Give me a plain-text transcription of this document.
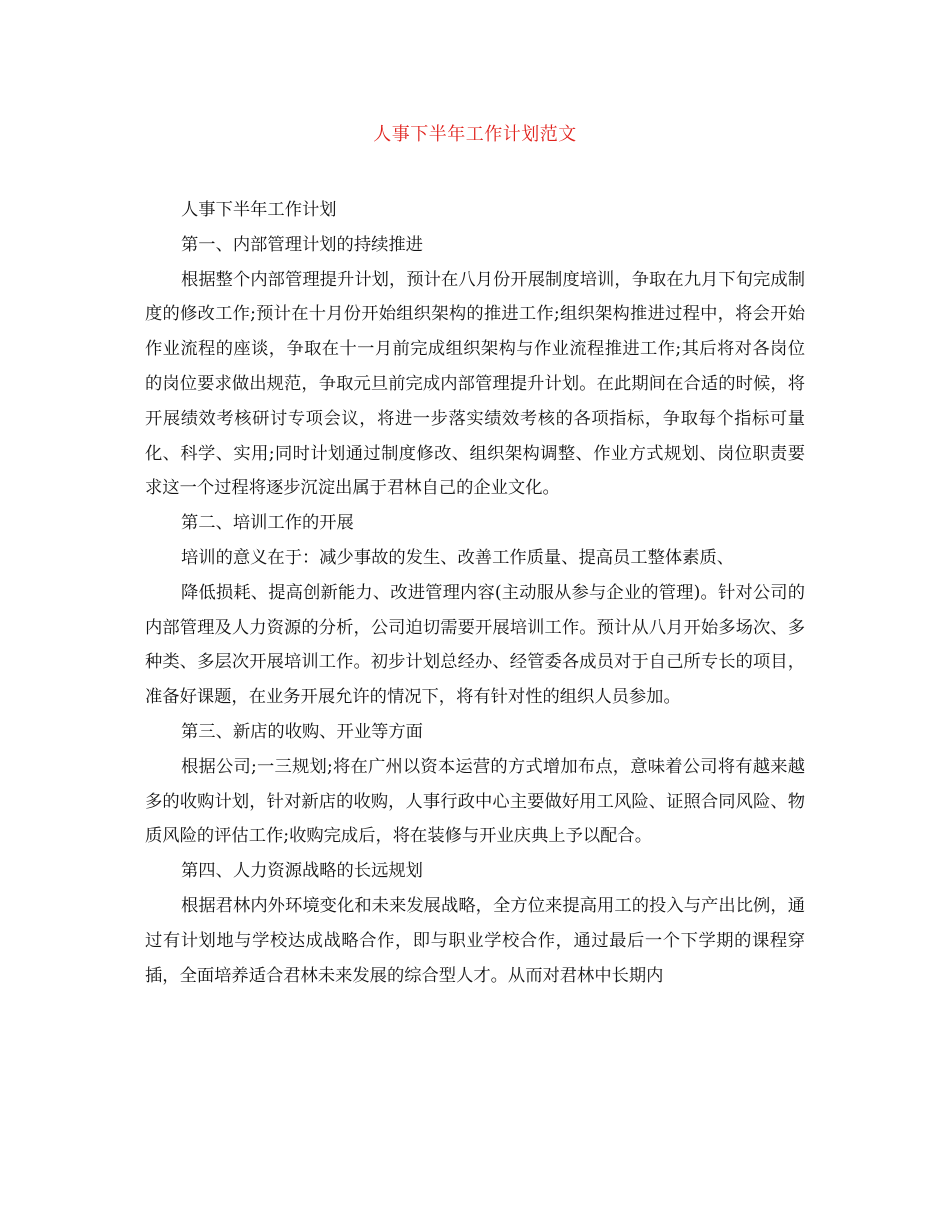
人事下半年工作计划范文

人事下半年工作计划

第一、内部管理计划的持续推进

根据整个内部管理提升计划，预计在八月份开展制度培训，争取在九月下旬完成制度的修改工作;预计在十月份开始组织架构的推进工作;组织架构推进过程中，将会开始作业流程的座谈，争取在十一月前完成组织架构与作业流程推进工作;其后将对各岗位的岗位要求做出规范，争取元旦前完成内部管理提升计划。在此期间在合适的时候，将开展绩效考核研讨专项会议，将进一步落实绩效考核的各项指标，争取每个指标可量化、科学、实用;同时计划通过制度修改、组织架构调整、作业方式规划、岗位职责要求这一个过程将逐步沉淀出属于君林自己的企业文化。

第二、培训工作的开展

培训的意义在于：减少事故的发生、改善工作质量、提高员工整体素质、

降低损耗、提高创新能力、改进管理内容(主动服从参与企业的管理)。针对公司的内部管理及人力资源的分析，公司迫切需要开展培训工作。预计从八月开始多场次、多种类、多层次开展培训工作。初步计划总经办、经管委各成员对于自己所专长的项目，准备好课题，在业务开展允许的情况下，将有针对性的组织人员参加。

第三、新店的收购、开业等方面

根据公司;一三规划;将在广州以资本运营的方式增加布点，意味着公司将有越来越多的收购计划，针对新店的收购，人事行政中心主要做好用工风险、证照合同风险、物质风险的评估工作;收购完成后，将在装修与开业庆典上予以配合。

第四、人力资源战略的长远规划

根据君林内外环境变化和未来发展战略，全方位来提高用工的投入与产出比例，通过有计划地与学校达成战略合作，即与职业学校合作，通过最后一个下学期的课程穿插，全面培养适合君林未来发展的综合型人才。从而对君林中长期内
